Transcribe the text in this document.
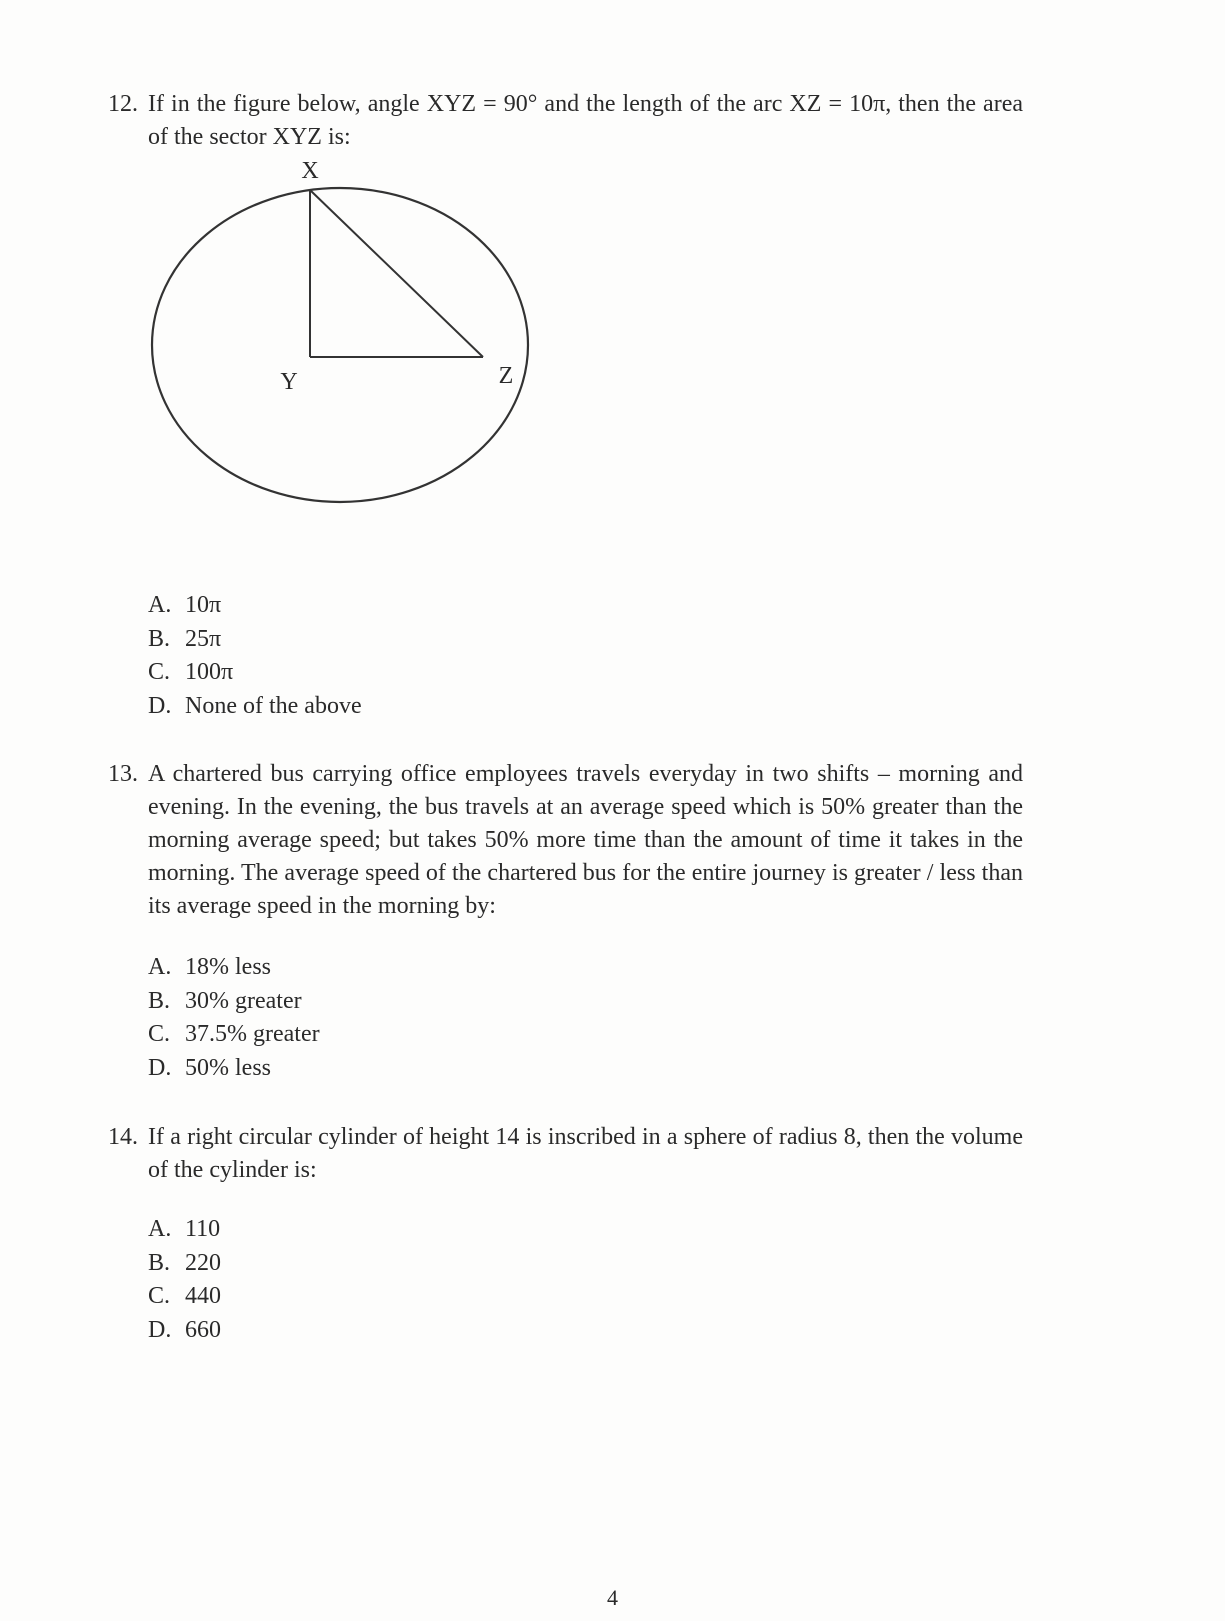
12. If in the figure below, angle XYZ = 90° and the length of the arc XZ = 10π, then the area of the sector XYZ is:
X
Y	Z
A. 10π
B. 25π
C. 100π
D. None of the above
13. A chartered bus carrying office employees travels everyday in two shifts – morning and evening. In the evening, the bus travels at an average speed which is 50% greater than the morning average speed; but takes 50% more time than the amount of time it takes in the morning. The average speed of the chartered bus for the entire journey is greater / less than its average speed in the morning by:
A. 18% less
B. 30% greater
C. 37.5% greater
D. 50% less
14. If a right circular cylinder of height 14 is inscribed in a sphere of radius 8, then the volume of the cylinder is:
A. 110
B. 220
C. 440
D. 660
4
